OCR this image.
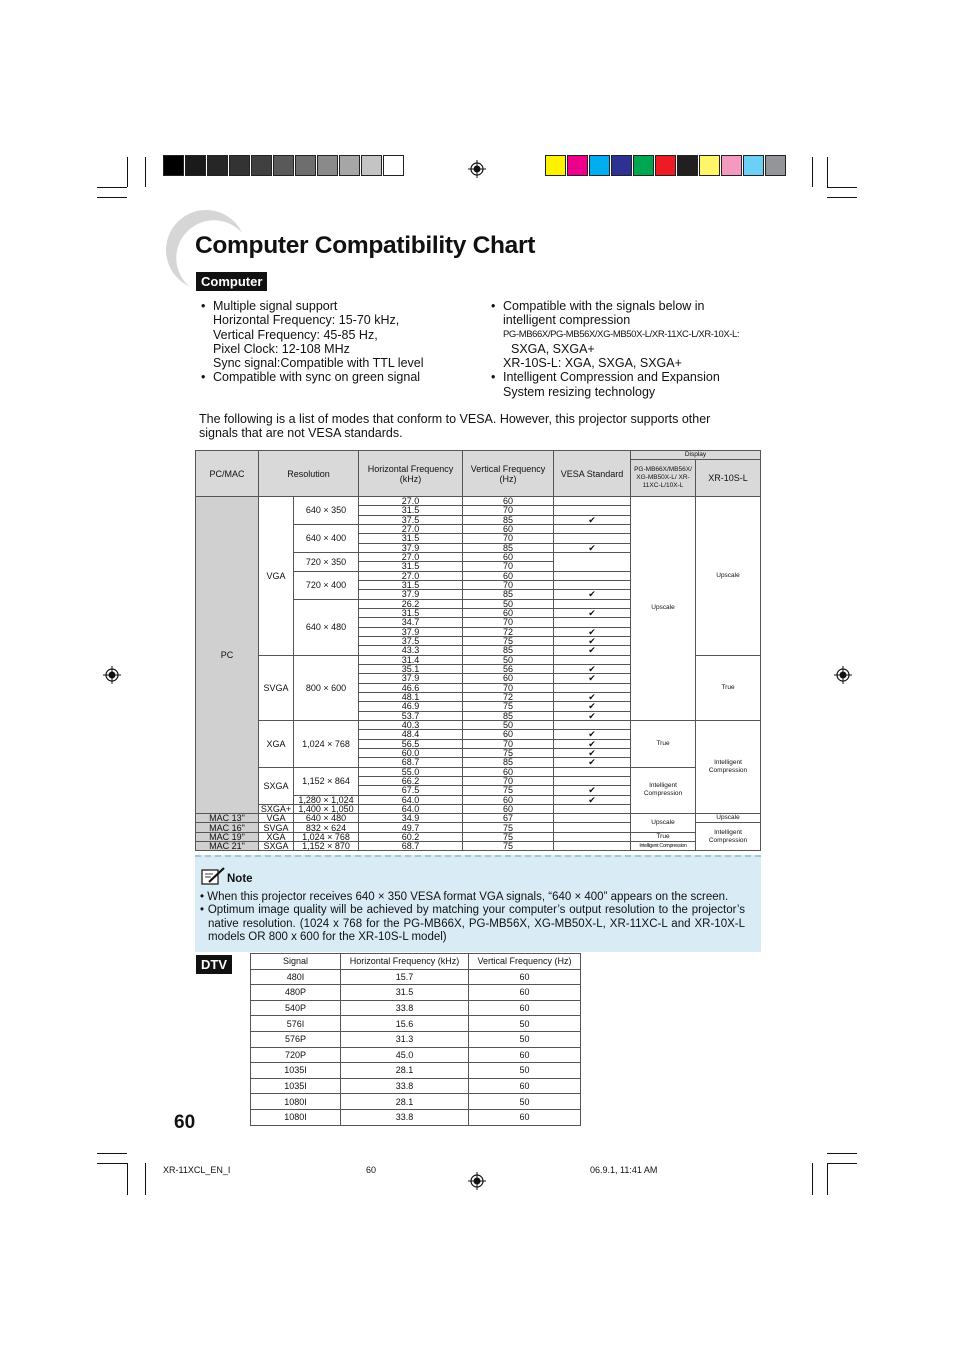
Computer Compatibility Chart
Computer
• Multiple signal support
Horizontal Frequency: 15-70 kHz,
Vertical Frequency: 45-85 Hz,
Pixel Clock: 12-108 MHz
Sync signal:Compatible with TTL level
• Compatible with sync on green signal
• Compatible with the signals below in
intelligent compression
PG-MB66X/PG-MB56X/XG-MB50X-L/XR-11XC-L/XR-10X-L:
SXGA, SXGA+
XR-10S-L: XGA, SXGA, SXGA+
• Intelligent Compression and Expansion
System resizing technology
The following is a list of modes that conform to VESA. However, this projector supports other
signals that are not VESA standards.
PC/MAC	Resolution		Horizontal Frequency (kHz)	Vertical Frequency (Hz)	VESA Standard	Display	
						PG-MB66X/MB56X/ XG-MB50X-L/ XR-11XC-L/10X-L	XR-10S-L
PC	VGA	640 × 350	27.0	60		Upscale	Upscale
			31.5	70			
			37.5	85	✔		
		640 × 400	27.0	60			
			31.5	70			
			37.9	85	✔		
		720 × 350	27.0	60			
			31.5	70			
		720 × 400	27.0	60			
			31.5	70			
			37.9	85	✔		
		640 × 480	26.2	50			
			31.5	60	✔		
			34.7	70			
			37.9	72	✔		
			37.5	75	✔		
			43.3	85	✔		
	SVGA	800 × 600	31.4	50			True
			35.1	56	✔		
			37.9	60	✔		
			46.6	70			
			48.1	72	✔		
			46.9	75	✔		
			53.7	85	✔		
	XGA	1,024 × 768	40.3	50		True	Intelligent
Compression

			48.4	60	✔		
			56.5	70	✔		
			60.0	75	✔		
			68.7	85	✔		
	SXGA	1,152 × 864	55.0	60		Intelligent
Compression	

			66.2	70			
			67.5	75	✔		
		1,280 × 1,024	64.0	60	✔		
	SXGA+	1,400 × 1,050	64.0	60			
MAC 13"	VGA	640 × 480	34.9	67		Upscale	Upscale
MAC 16"	SVGA	832 × 624	49.7	75			Intelligent
Compression

MAC 19"	XGA	1,024 × 768	60.2	75		True	
MAC 21"	SXGA	1,152 × 870	68.7	75		Intelligent Compression	
Note

• When this projector receives 640 × 350 VESA format VGA signals, “640 × 400” appears on the screen.

• Optimum image quality will be achieved by matching your computer’s output resolution to the projector’s native resolution. (1024 x 768 for the PG-MB66X, PG-MB56X, XG-MB50X-L, XR-11XC-L and XR-10X-L models OR 800 x 600 for the XR-10S-L model)

DTV	Signal	Horizontal Frequency (kHz)	Vertical Frequency (Hz)
480I	15.7	60
480P	31.5	60
540P	33.8	60
576I	15.6	50
576P	31.3	50
720P	45.0	60
1035I	28.1	50
1035I	33.8	60
1080I	28.1	50
1080I	33.8	60
60
XR-11XCL_EN_I	60	06.9.1, 11:41 AM
